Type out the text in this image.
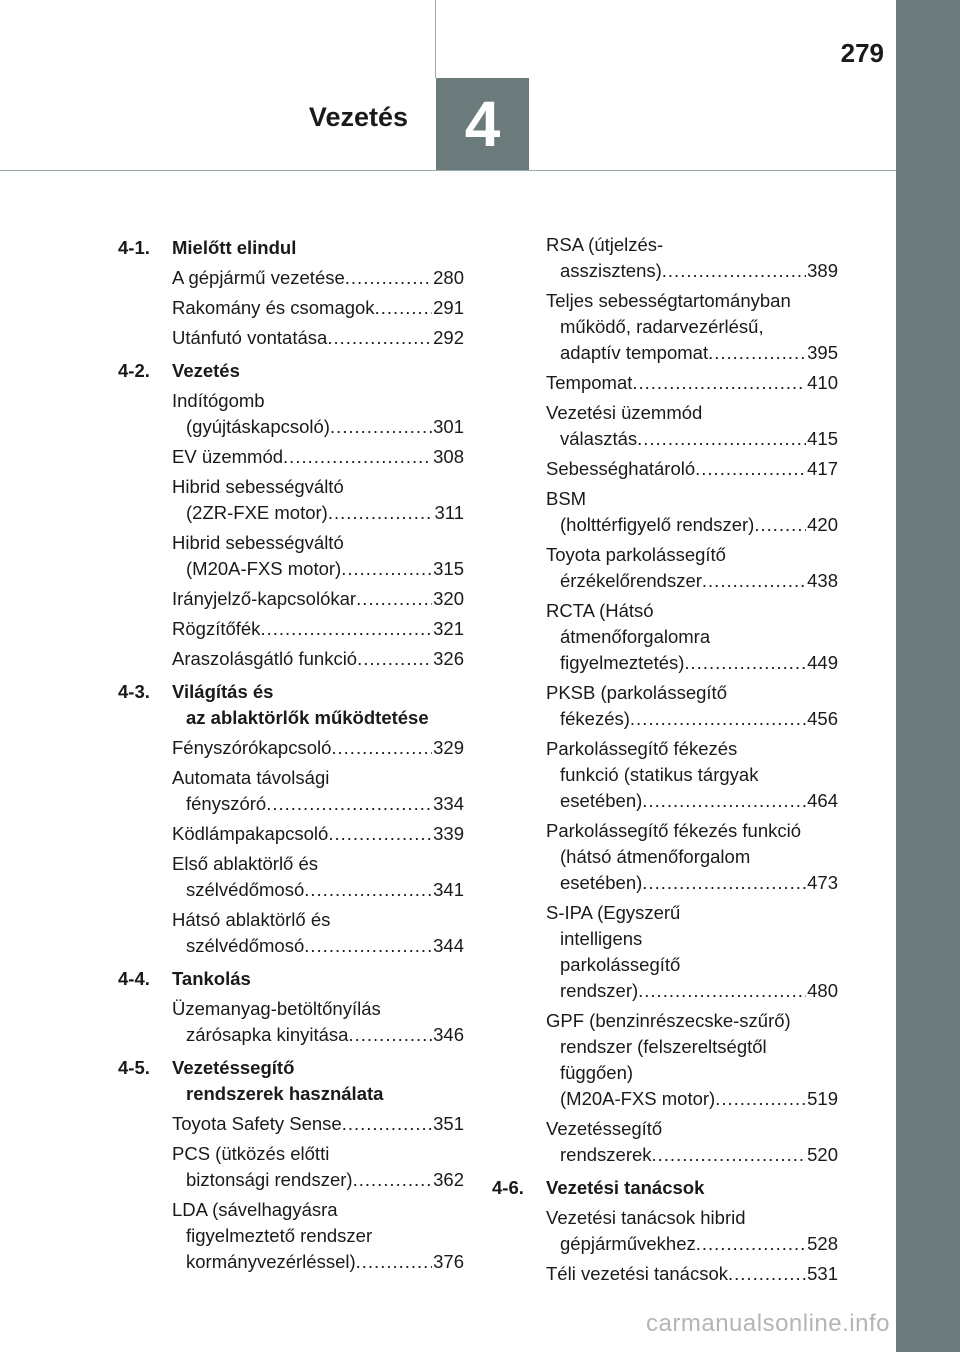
279
Vezetés 4
4-1. Mielőtt elindul
A gépjármű vezetése .....	280
Rakomány és csomagok .....	291
Utánfutó vontatása .....	292
4-2. Vezetés
Indítógomb
(gyújtáskapcsoló) .....	301
EV üzemmód .....	308
Hibrid sebességváltó
(2ZR-FXE motor) .....	311
Hibrid sebességváltó
(M20A-FXS motor) .....	315
Irányjelző-kapcsolókar .....	320
Rögzítőfék .....	321
Araszolásgátló funkció .....	326
4-3. Világítás és
az ablaktörlők működtetése
Fényszórókapcsoló .....	329
Automata távolsági
fényszóró .....	334
Ködlámpakapcsoló .....	339
Első ablaktörlő és
szélvédőmosó .....	341
Hátsó ablaktörlő és
szélvédőmosó .....	344
4-4. Tankolás
Üzemanyag-betöltőnyílás
zárósapka kinyitása .....	346
4-5. Vezetéssegítő
rendszerek használata
Toyota Safety Sense .....	351
PCS (ütközés előtti
biztonsági rendszer) .....	362
LDA (sávelhagyásra
figyelmeztető rendszer
kormányvezérléssel) .....	376
RSA (útjelzés-
asszisztens) .....	389
Teljes sebességtartományban
működő, radarvezérlésű,
adaptív tempomat .....	395
Tempomat .....	410
Vezetési üzemmód
választás .....	415
Sebességhatároló .....	417
BSM
(holttérfigyelő rendszer) .....	420
Toyota parkolássegítő
érzékelőrendszer .....	438
RCTA (Hátsó
átmenőforgalomra
figyelmeztetés) .....	449
PKSB (parkolássegítő
fékezés) .....	456
Parkolássegítő fékezés
funkció (statikus tárgyak
esetében) .....	464
Parkolássegítő fékezés funkció
(hátsó átmenőforgalom
esetében) .....	473
S-IPA (Egyszerű
intelligens
parkolássegítő
rendszer) .....	480
GPF (benzinrészecske-szűrő)
rendszer (felszereltségtől
függően)
(M20A-FXS motor) .....	519
Vezetéssegítő
rendszerek .....	520
4-6. Vezetési tanácsok
Vezetési tanácsok hibrid
gépjárművekhez .....	528
Téli vezetési tanácsok .....	531
carmanualsonline.info
